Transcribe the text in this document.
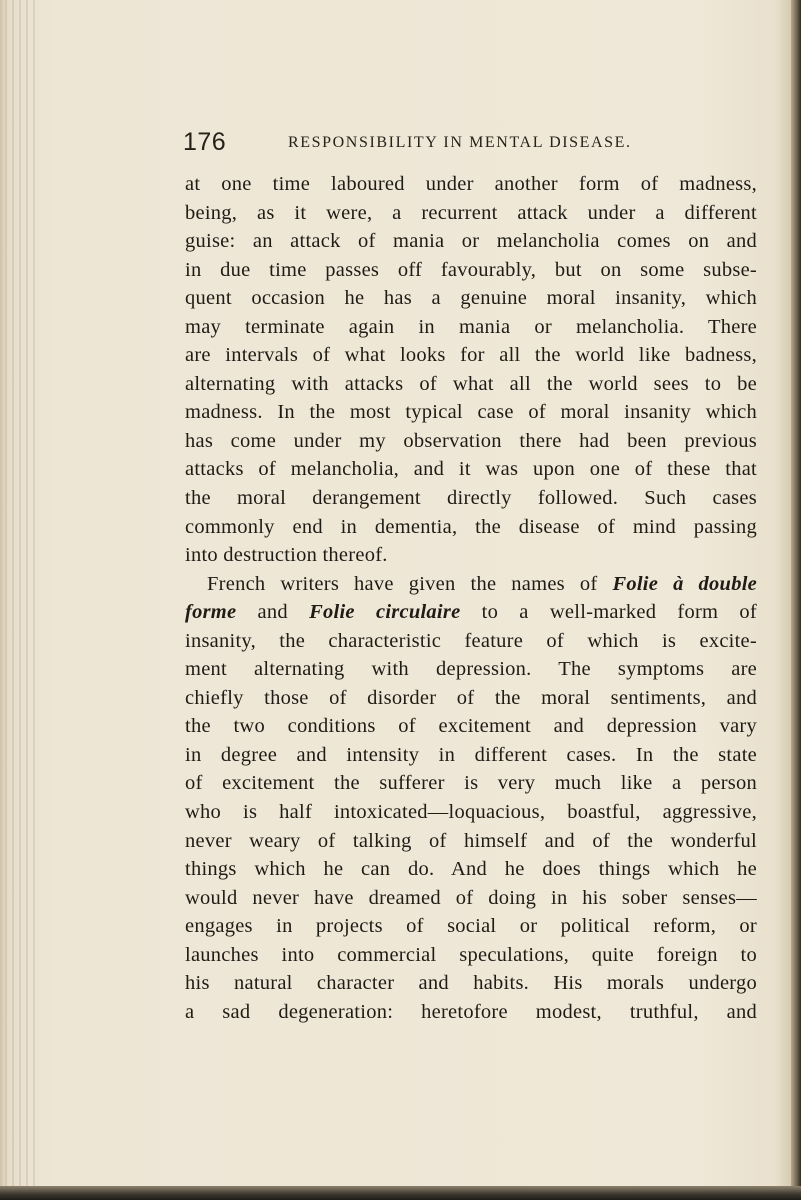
176	RESPONSIBILITY IN MENTAL DISEASE.
at one time laboured under another form of madness,
being, as it were, a recurrent attack under a different
guise: an attack of mania or melancholia comes on and
in due time passes off favourably, but on some subse-
quent occasion he has a genuine moral insanity, which
may terminate again in mania or melancholia. There
are intervals of what looks for all the world like badness,
alternating with attacks of what all the world sees to be
madness. In the most typical case of moral insanity which
has come under my observation there had been previous
attacks of melancholia, and it was upon one of these that
the moral derangement directly followed. Such cases
commonly end in dementia, the disease of mind passing
into destruction thereof.
French writers have given the names of Folie à double
forme and Folie circulaire to a well-marked form of
insanity, the characteristic feature of which is excite-
ment alternating with depression. The symptoms are
chiefly those of disorder of the moral sentiments, and
the two conditions of excitement and depression vary
in degree and intensity in different cases. In the state
of excitement the sufferer is very much like a person
who is half intoxicated—loquacious, boastful, aggressive,
never weary of talking of himself and of the wonderful
things which he can do. And he does things which he
would never have dreamed of doing in his sober senses—
engages in projects of social or political reform, or
launches into commercial speculations, quite foreign to
his natural character and habits. His morals undergo
a sad degeneration: heretofore modest, truthful, and
